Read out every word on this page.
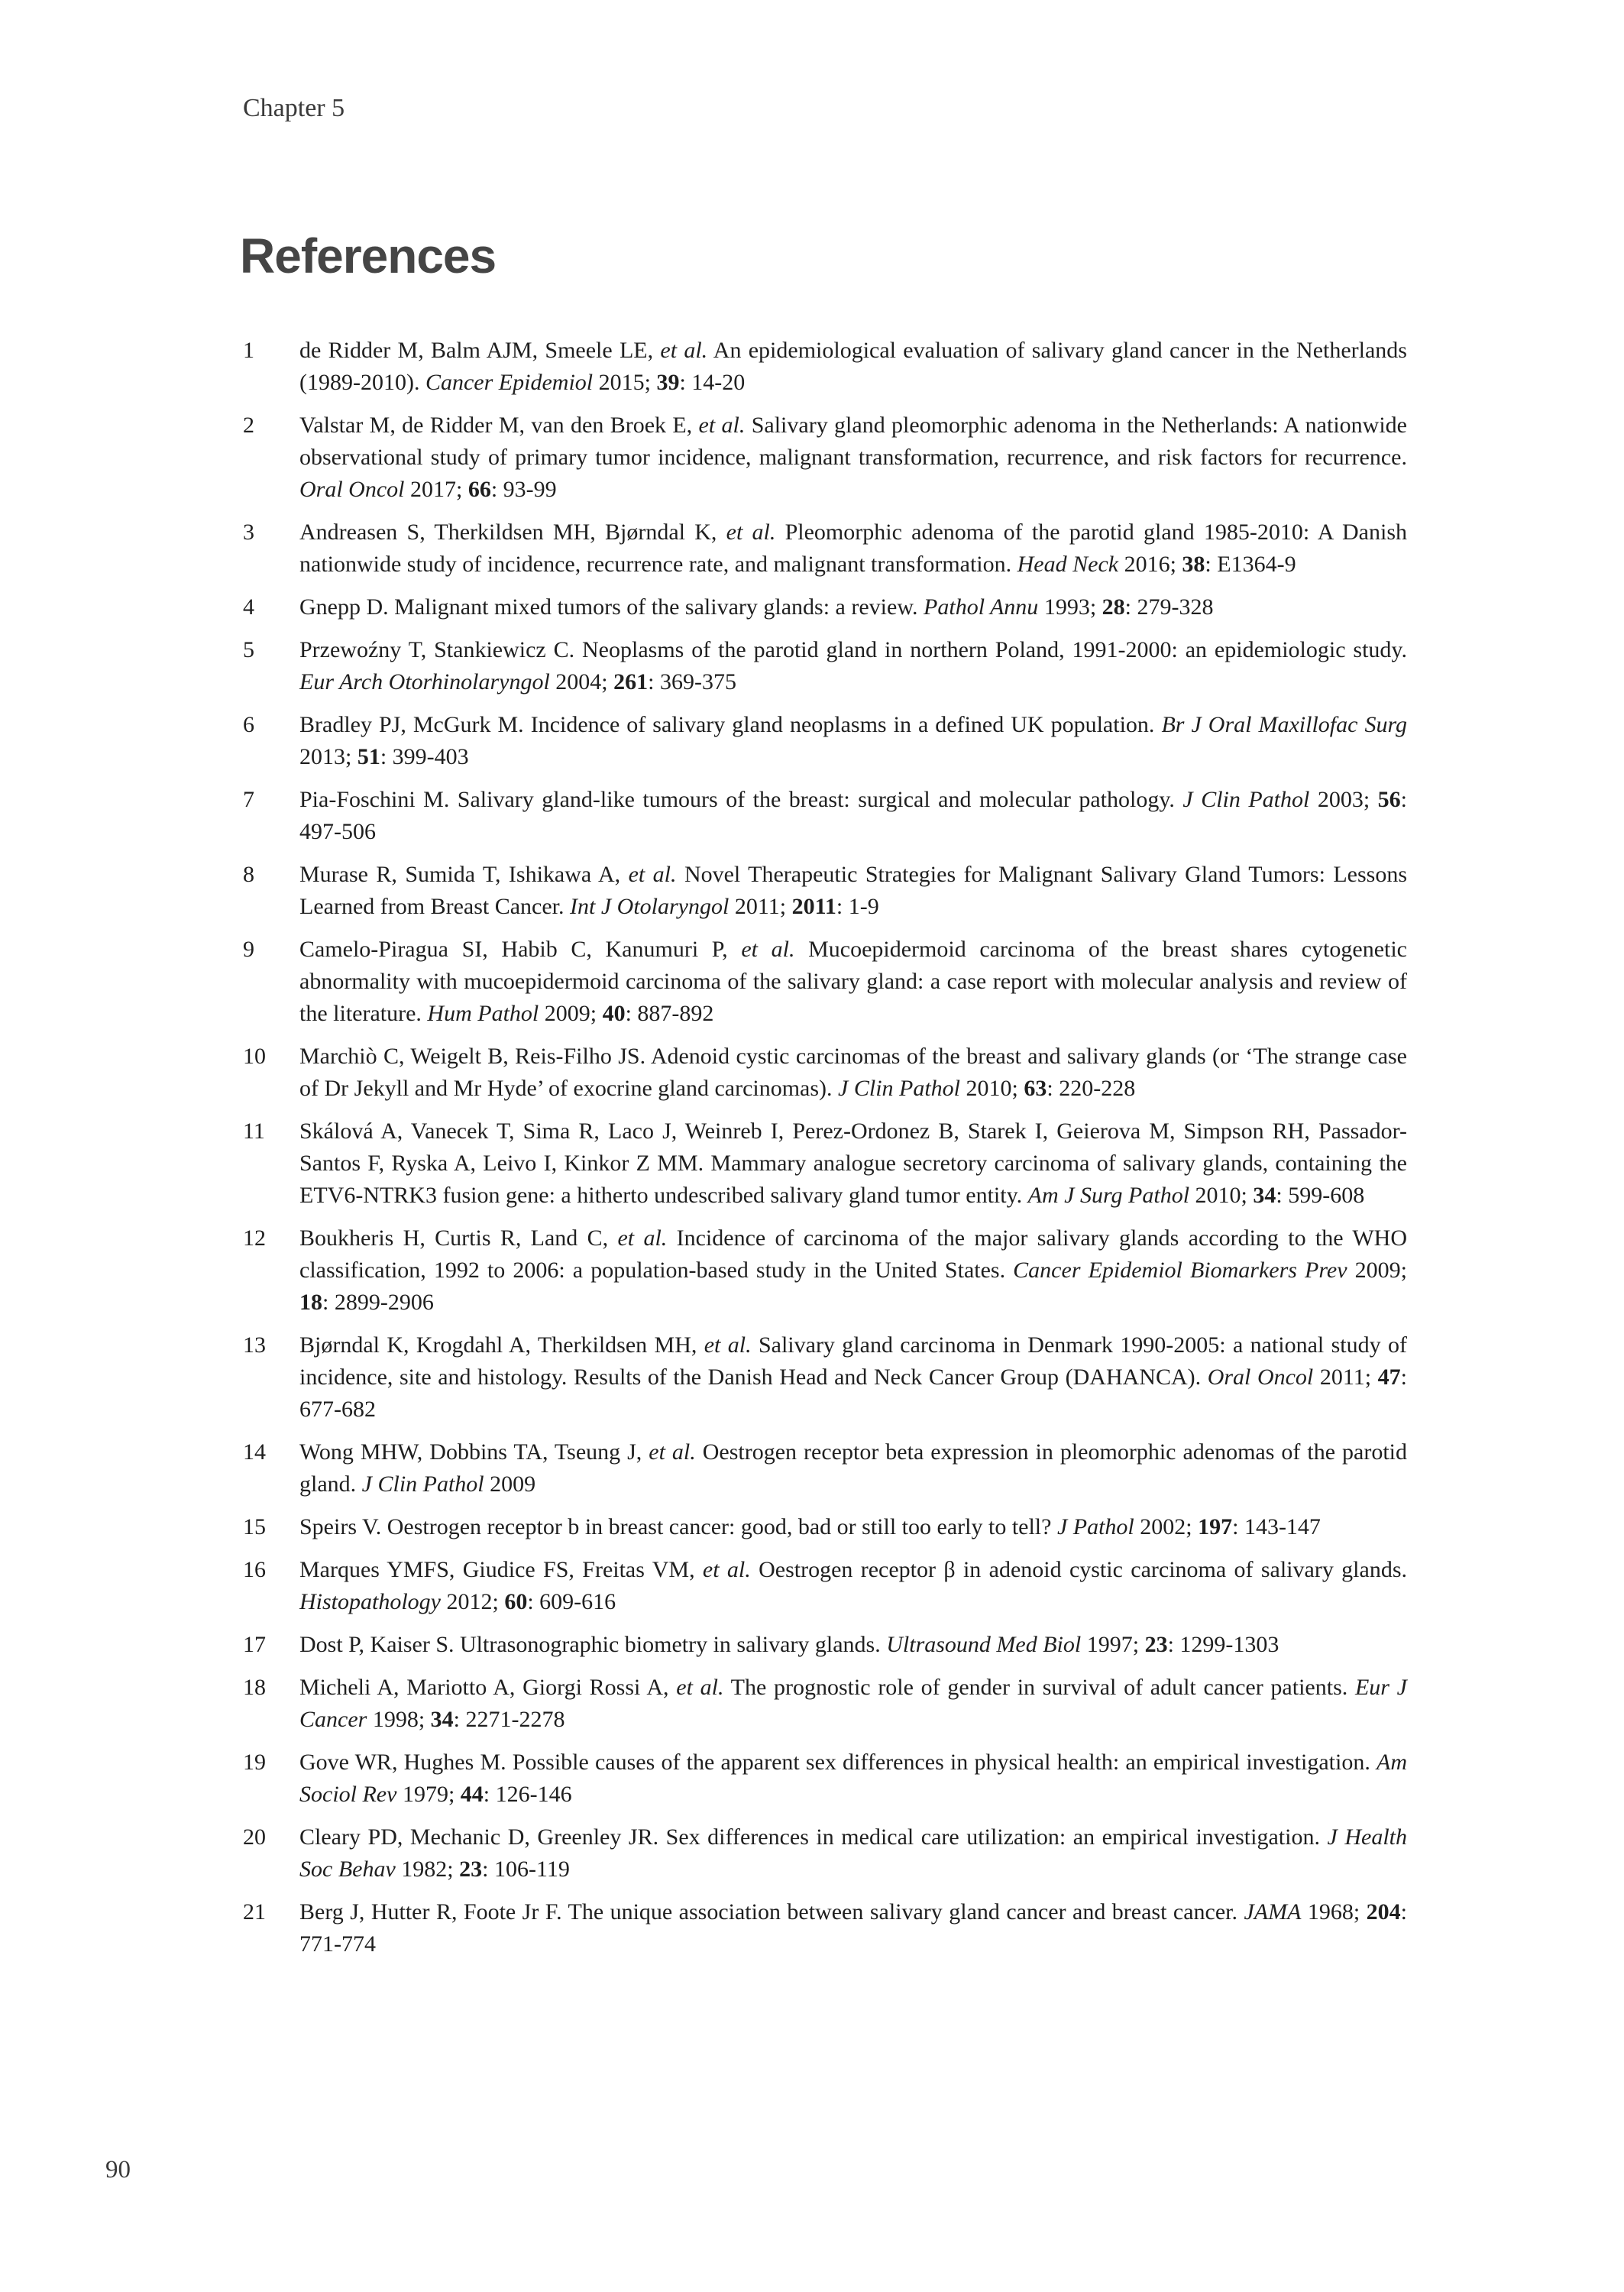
Chapter 5
References
1 de Ridder M, Balm AJM, Smeele LE, et al. An epidemiological evaluation of salivary gland cancer in the Netherlands (1989-2010). Cancer Epidemiol 2015; 39: 14-20
2 Valstar M, de Ridder M, van den Broek E, et al. Salivary gland pleomorphic adenoma in the Netherlands: A nationwide observational study of primary tumor incidence, malignant transformation, recurrence, and risk factors for recurrence. Oral Oncol 2017; 66: 93-99
3 Andreasen S, Therkildsen MH, Bjørndal K, et al. Pleomorphic adenoma of the parotid gland 1985-2010: A Danish nationwide study of incidence, recurrence rate, and malignant transformation. Head Neck 2016; 38: E1364-9
4 Gnepp D. Malignant mixed tumors of the salivary glands: a review. Pathol Annu 1993; 28: 279-328
5 Przewoźny T, Stankiewicz C. Neoplasms of the parotid gland in northern Poland, 1991-2000: an epidemiologic study. Eur Arch Otorhinolaryngol 2004; 261: 369-375
6 Bradley PJ, McGurk M. Incidence of salivary gland neoplasms in a defined UK population. Br J Oral Maxillofac Surg 2013; 51: 399-403
7 Pia-Foschini M. Salivary gland-like tumours of the breast: surgical and molecular pathology. J Clin Pathol 2003; 56: 497-506
8 Murase R, Sumida T, Ishikawa A, et al. Novel Therapeutic Strategies for Malignant Salivary Gland Tumors: Lessons Learned from Breast Cancer. Int J Otolaryngol 2011; 2011: 1-9
9 Camelo-Piragua SI, Habib C, Kanumuri P, et al. Mucoepidermoid carcinoma of the breast shares cytogenetic abnormality with mucoepidermoid carcinoma of the salivary gland: a case report with molecular analysis and review of the literature. Hum Pathol 2009; 40: 887-892
10 Marchiò C, Weigelt B, Reis-Filho JS. Adenoid cystic carcinomas of the breast and salivary glands (or ‘The strange case of Dr Jekyll and Mr Hyde’ of exocrine gland carcinomas). J Clin Pathol 2010; 63: 220-228
11 Skálová A, Vanecek T, Sima R, Laco J, Weinreb I, Perez-Ordonez B, Starek I, Geierova M, Simpson RH, Passador-Santos F, Ryska A, Leivo I, Kinkor Z MM. Mammary analogue secretory carcinoma of salivary glands, containing the ETV6-NTRK3 fusion gene: a hitherto undescribed salivary gland tumor entity. Am J Surg Pathol 2010; 34: 599-608
12 Boukheris H, Curtis R, Land C, et al. Incidence of carcinoma of the major salivary glands according to the WHO classification, 1992 to 2006: a population-based study in the United States. Cancer Epidemiol Biomarkers Prev 2009; 18: 2899-2906
13 Bjørndal K, Krogdahl A, Therkildsen MH, et al. Salivary gland carcinoma in Denmark 1990-2005: a national study of incidence, site and histology. Results of the Danish Head and Neck Cancer Group (DAHANCA). Oral Oncol 2011; 47: 677-682
14 Wong MHW, Dobbins TA, Tseung J, et al. Oestrogen receptor beta expression in pleomorphic adenomas of the parotid gland. J Clin Pathol 2009
15 Speirs V. Oestrogen receptor b in breast cancer: good, bad or still too early to tell? J Pathol 2002; 197: 143-147
16 Marques YMFS, Giudice FS, Freitas VM, et al. Oestrogen receptor β in adenoid cystic carcinoma of salivary glands. Histopathology 2012; 60: 609-616
17 Dost P, Kaiser S. Ultrasonographic biometry in salivary glands. Ultrasound Med Biol 1997; 23: 1299-1303
18 Micheli A, Mariotto A, Giorgi Rossi A, et al. The prognostic role of gender in survival of adult cancer patients. Eur J Cancer 1998; 34: 2271-2278
19 Gove WR, Hughes M. Possible causes of the apparent sex differences in physical health: an empirical investigation. Am Sociol Rev 1979; 44: 126-146
20 Cleary PD, Mechanic D, Greenley JR. Sex differences in medical care utilization: an empirical investigation. J Health Soc Behav 1982; 23: 106-119
21 Berg J, Hutter R, Foote Jr F. The unique association between salivary gland cancer and breast cancer. JAMA 1968; 204: 771-774
90
